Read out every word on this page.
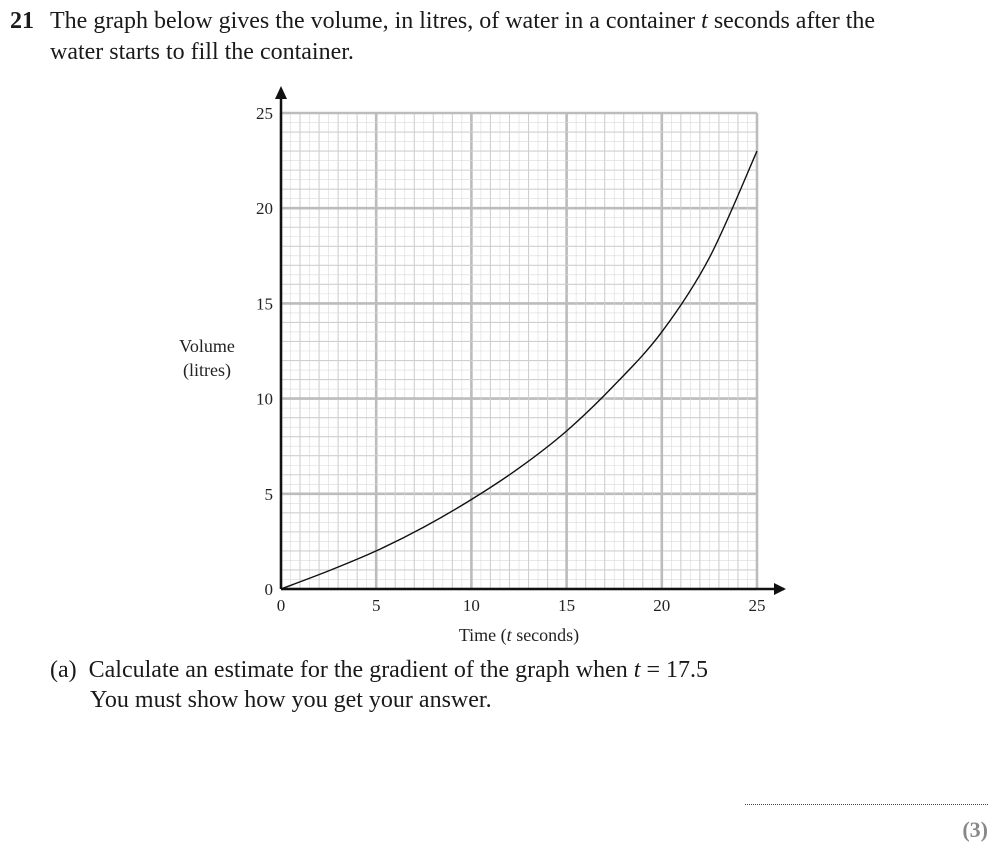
21 The graph below gives the volume, in litres, of water in a container t seconds after the
water starts to fill the container.
0	5	10	15	20	25
0
5
10
15
20
25
Volume
(litres)
Time (t seconds)
(a) Calculate an estimate for the gradient of the graph when t = 17.5
You must show how you get your answer.
(3)
